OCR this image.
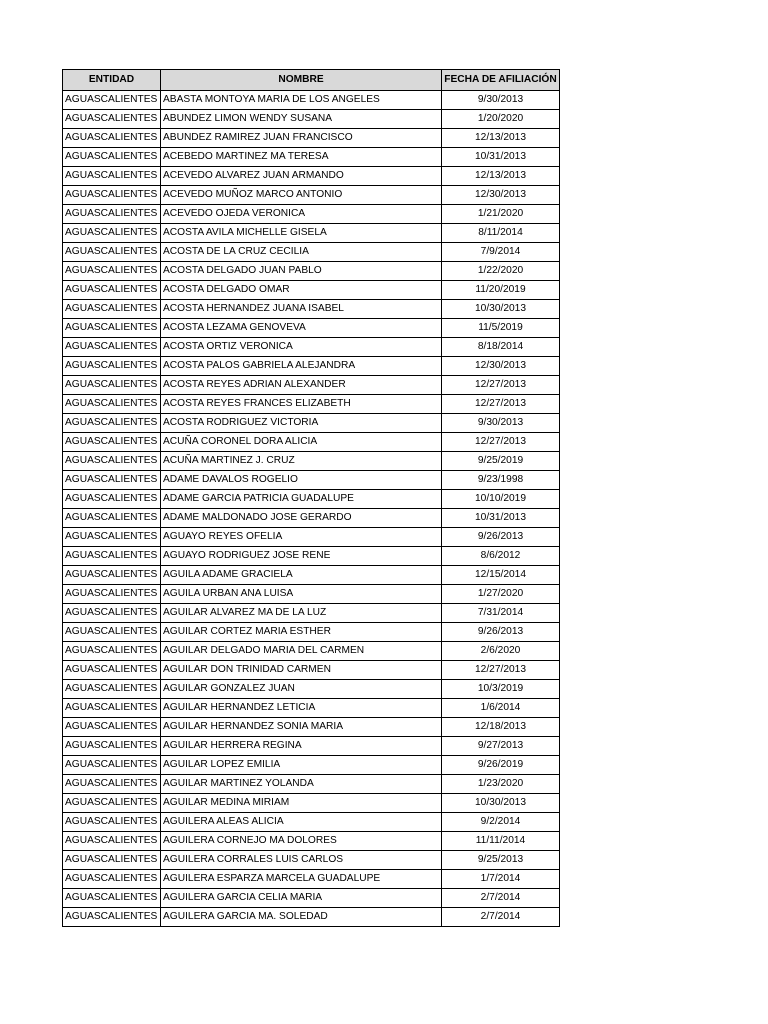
ENTIDAD	NOMBRE	FECHA DE AFILIACIÓN
AGUASCALIENTES	ABASTA MONTOYA MARIA DE LOS ANGELES	9/30/2013
AGUASCALIENTES	ABUNDEZ LIMON WENDY SUSANA	1/20/2020
AGUASCALIENTES	ABUNDEZ RAMIREZ JUAN FRANCISCO	12/13/2013
AGUASCALIENTES	ACEBEDO MARTINEZ MA TERESA	10/31/2013
AGUASCALIENTES	ACEVEDO ALVAREZ JUAN ARMANDO	12/13/2013
AGUASCALIENTES	ACEVEDO MUÑOZ MARCO ANTONIO	12/30/2013
AGUASCALIENTES	ACEVEDO OJEDA VERONICA	1/21/2020
AGUASCALIENTES	ACOSTA AVILA MICHELLE GISELA	8/11/2014
AGUASCALIENTES	ACOSTA DE LA CRUZ CECILIA	7/9/2014
AGUASCALIENTES	ACOSTA DELGADO JUAN PABLO	1/22/2020
AGUASCALIENTES	ACOSTA DELGADO OMAR	11/20/2019
AGUASCALIENTES	ACOSTA HERNANDEZ JUANA ISABEL	10/30/2013
AGUASCALIENTES	ACOSTA LEZAMA GENOVEVA	11/5/2019
AGUASCALIENTES	ACOSTA ORTIZ VERONICA	8/18/2014
AGUASCALIENTES	ACOSTA PALOS GABRIELA ALEJANDRA	12/30/2013
AGUASCALIENTES	ACOSTA REYES ADRIAN ALEXANDER	12/27/2013
AGUASCALIENTES	ACOSTA REYES FRANCES ELIZABETH	12/27/2013
AGUASCALIENTES	ACOSTA RODRIGUEZ VICTORIA	9/30/2013
AGUASCALIENTES	ACUÑA CORONEL DORA ALICIA	12/27/2013
AGUASCALIENTES	ACUÑA MARTINEZ J. CRUZ	9/25/2019
AGUASCALIENTES	ADAME DAVALOS ROGELIO	9/23/1998
AGUASCALIENTES	ADAME GARCIA PATRICIA GUADALUPE	10/10/2019
AGUASCALIENTES	ADAME MALDONADO JOSE GERARDO	10/31/2013
AGUASCALIENTES	AGUAYO REYES OFELIA	9/26/2013
AGUASCALIENTES	AGUAYO RODRIGUEZ JOSE RENE	8/6/2012
AGUASCALIENTES	AGUILA ADAME GRACIELA	12/15/2014
AGUASCALIENTES	AGUILA URBAN ANA LUISA	1/27/2020
AGUASCALIENTES	AGUILAR ALVAREZ MA DE LA LUZ	7/31/2014
AGUASCALIENTES	AGUILAR CORTEZ MARIA ESTHER	9/26/2013
AGUASCALIENTES	AGUILAR DELGADO MARIA DEL CARMEN	2/6/2020
AGUASCALIENTES	AGUILAR DON TRINIDAD CARMEN	12/27/2013
AGUASCALIENTES	AGUILAR GONZALEZ JUAN	10/3/2019
AGUASCALIENTES	AGUILAR HERNANDEZ LETICIA	1/6/2014
AGUASCALIENTES	AGUILAR HERNANDEZ SONIA MARIA	12/18/2013
AGUASCALIENTES	AGUILAR HERRERA REGINA	9/27/2013
AGUASCALIENTES	AGUILAR LOPEZ EMILIA	9/26/2019
AGUASCALIENTES	AGUILAR MARTINEZ YOLANDA	1/23/2020
AGUASCALIENTES	AGUILAR MEDINA MIRIAM	10/30/2013
AGUASCALIENTES	AGUILERA ALEAS ALICIA	9/2/2014
AGUASCALIENTES	AGUILERA CORNEJO MA DOLORES	11/11/2014
AGUASCALIENTES	AGUILERA CORRALES LUIS CARLOS	9/25/2013
AGUASCALIENTES	AGUILERA ESPARZA MARCELA GUADALUPE	1/7/2014
AGUASCALIENTES	AGUILERA GARCIA CELIA MARIA	2/7/2014
AGUASCALIENTES	AGUILERA GARCIA MA. SOLEDAD	2/7/2014
